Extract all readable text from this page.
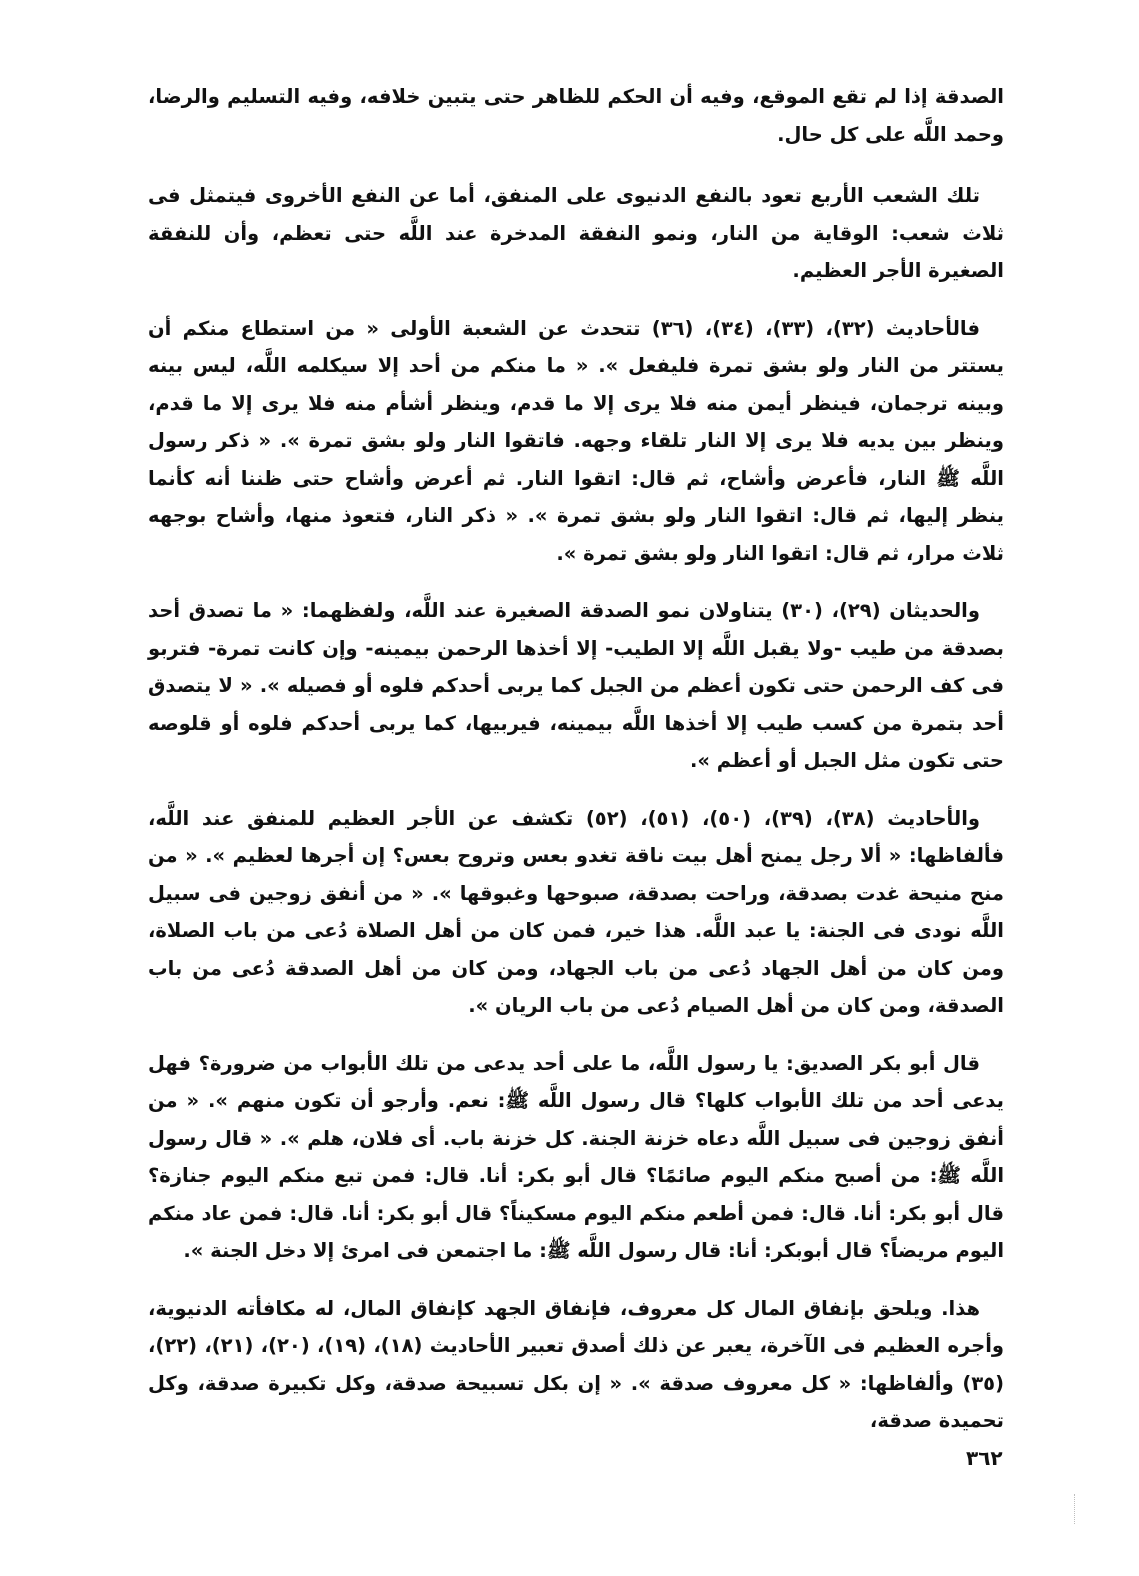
الصدقة إذا لم تقع الموقع، وفيه أن الحكم للظاهر حتى يتبين خلافه، وفيه التسليم والرضا، وحمد اللَّه على كل حال.

تلك الشعب الأربع تعود بالنفع الدنيوى على المنفق، أما عن النفع الأخروى فيتمثل فى ثلاث شعب: الوقاية من النار، ونمو النفقة المدخرة عند اللَّه حتى تعظم، وأن للنفقة الصغيرة الأجر العظيم.

فالأحاديث (٣٢)، (٣٣)، (٣٤)، (٣٦) تتحدث عن الشعبة الأولى « من استطاع منكم أن يستتر من النار ولو بشق تمرة فليفعل ». « ما منكم من أحد إلا سيكلمه اللَّه، ليس بينه وبينه ترجمان، فينظر أيمن منه فلا يرى إلا ما قدم، وينظر أشأم منه فلا يرى إلا ما قدم، وينظر بين يديه فلا يرى إلا النار تلقاء وجهه. فاتقوا النار ولو بشق تمرة ». « ذكر رسول اللَّه ﷺ النار، فأعرض وأشاح، ثم قال: اتقوا النار. ثم أعرض وأشاح حتى ظننا أنه كأنما ينظر إليها، ثم قال: اتقوا النار ولو بشق تمرة ». « ذكر النار، فتعوذ منها، وأشاح بوجهه ثلاث مرار، ثم قال: اتقوا النار ولو بشق تمرة ».

والحديثان (٢٩)، (٣٠) يتناولان نمو الصدقة الصغيرة عند اللَّه، ولفظهما: « ما تصدق أحد بصدقة من طيب -ولا يقبل اللَّه إلا الطيب- إلا أخذها الرحمن بيمينه- وإن كانت تمرة- فتربو فى كف الرحمن حتى تكون أعظم من الجبل كما يربى أحدكم فلوه أو فصيله ». « لا يتصدق أحد بتمرة من كسب طيب إلا أخذها اللَّه بيمينه، فيربيها، كما يربى أحدكم فلوه أو قلوصه حتى تكون مثل الجبل أو أعظم ».

والأحاديث (٣٨)، (٣٩)، (٥٠)، (٥١)، (٥٢) تكشف عن الأجر العظيم للمنفق عند اللَّه، فألفاظها: « ألا رجل يمنح أهل بيت ناقة تغدو بعس وتروح بعس؟ إن أجرها لعظيم ». « من منح منيحة غدت بصدقة، وراحت بصدقة، صبوحها وغبوقها ». « من أنفق زوجين فى سبيل اللَّه نودى فى الجنة: يا عبد اللَّه. هذا خير، فمن كان من أهل الصلاة دُعى من باب الصلاة، ومن كان من أهل الجهاد دُعى من باب الجهاد، ومن كان من أهل الصدقة دُعى من باب الصدقة، ومن كان من أهل الصيام دُعى من باب الريان ».

قال أبو بكر الصديق: يا رسول اللَّه، ما على أحد يدعى من تلك الأبواب من ضرورة؟ فهل يدعى أحد من تلك الأبواب كلها؟ قال رسول اللَّه ﷺ: نعم. وأرجو أن تكون منهم ». « من أنفق زوجين فى سبيل اللَّه دعاه خزنة الجنة. كل خزنة باب. أى فلان، هلم ». « قال رسول اللَّه ﷺ: من أصبح منكم اليوم صائمًا؟ قال أبو بكر: أنا. قال: فمن تبع منكم اليوم جنازة؟ قال أبو بكر: أنا. قال: فمن أطعم منكم اليوم مسكيناً؟ قال أبو بكر: أنا. قال: فمن عاد منكم اليوم مريضاً؟ قال أبوبكر: أنا: قال رسول اللَّه ﷺ: ما اجتمعن فى امرئ إلا دخل الجنة ».

هذا. ويلحق بإنفاق المال كل معروف، فإنفاق الجهد كإنفاق المال، له مكافأته الدنيوية، وأجره العظيم فى الآخرة، يعبر عن ذلك أصدق تعبير الأحاديث (١٨)، (١٩)، (٢٠)، (٢١)، (٢٢)، (٣٥) وألفاظها: « كل معروف صدقة ». « إن بكل تسبيحة صدقة، وكل تكبيرة صدقة، وكل تحميدة صدقة،

٣٦٢
